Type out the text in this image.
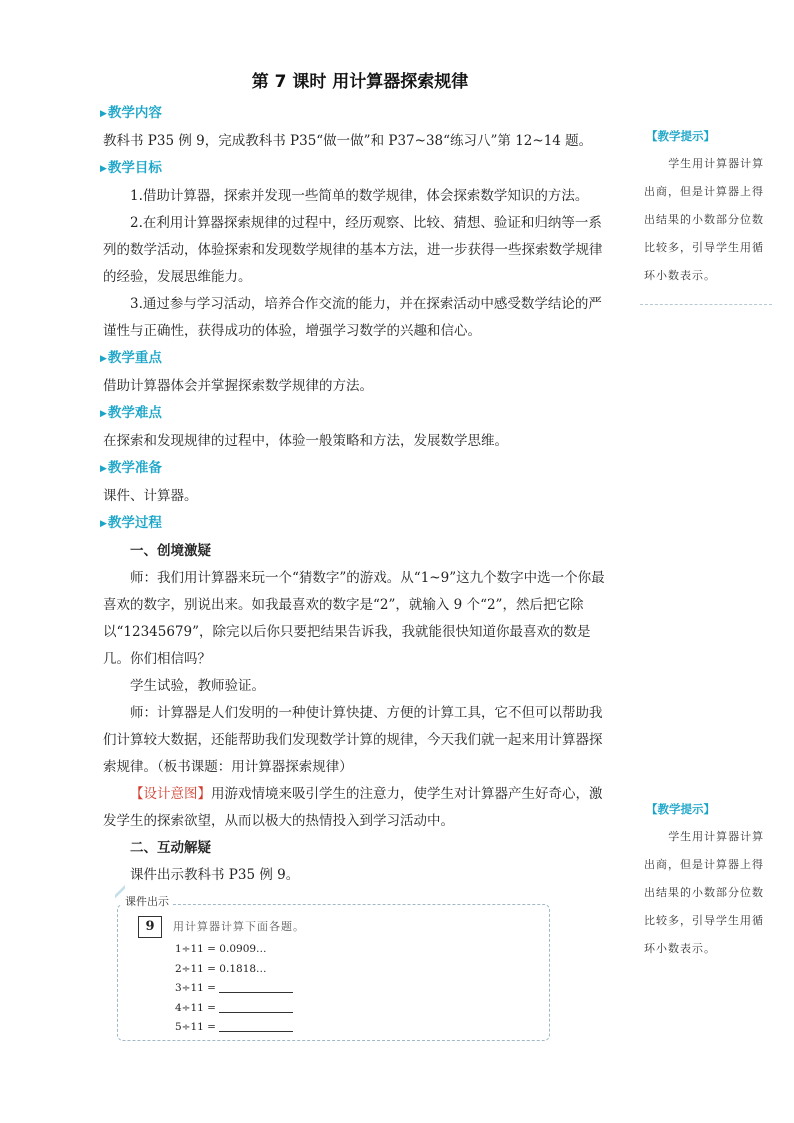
第 7 课时 用计算器探索规律
▶教学内容
教科书 P35 例 9，完成教科书 P35“做一做”和 P37~38“练习八”第 12~14 题。
▶教学目标
1.借助计算器，探索并发现一些简单的数学规律，体会探索数学知识的方法。
2.在利用计算器探索规律的过程中，经历观察、比较、猜想、验证和归纳等一系列的数学活动，体验探索和发现数学规律的基本方法，进一步获得一些探索数学规律的经验，发展思维能力。
3.通过参与学习活动，培养合作交流的能力，并在探索活动中感受数学结论的严谨性与正确性，获得成功的体验，增强学习数学的兴趣和信心。
▶教学重点
借助计算器体会并掌握探索数学规律的方法。
▶教学难点
在探索和发现规律的过程中，体验一般策略和方法，发展数学思维。
▶教学准备
课件、计算器。
▶教学过程
一、创境激疑
师：我们用计算器来玩一个“猜数字”的游戏。从“1~9”这九个数字中选一个你最喜欢的数字，别说出来。如我最喜欢的数字是“2”，就输入 9 个“2”，然后把它除以“12345679”，除完以后你只要把结果告诉我，我就能很快知道你最喜欢的数是几。你们相信吗？
学生试验，教师验证。
师：计算器是人们发明的一种使计算快捷、方便的计算工具，它不但可以帮助我们计算较大数据，还能帮助我们发现数学计算的规律，今天我们就一起来用计算器探索规律。（板书课题：用计算器探索规律）
【设计意图】用游戏情境来吸引学生的注意力，使学生对计算器产生好奇心，激发学生的探索欲望，从而以极大的热情投入到学习活动中。
二、互动解疑
课件出示教科书 P35 例 9。
【教学提示】
学生用计算器计算出商，但是计算器上得出结果的小数部分位数比较多，引导学生用循环小数表示。
【教学提示】
学生用计算器计算出商，但是计算器上得出结果的小数部分位数比较多，引导学生用循环小数表示。
课件出示
9	用计算器计算下面各题。
1÷11 = 0.0909…
2÷11 = 0.1818…
3÷11 =
4÷11 =
5÷11 =
